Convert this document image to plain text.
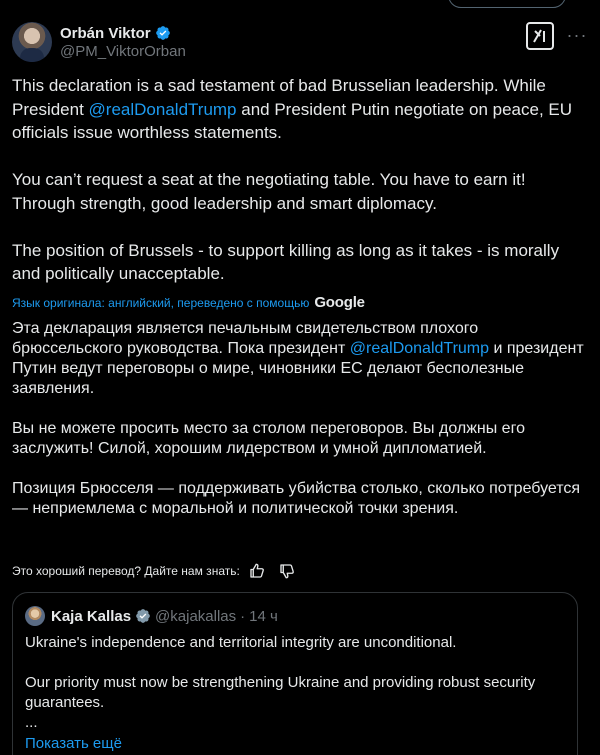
Orbán Viktor
@PM_ViktorOrban
···

This declaration is a sad testament of bad Brusselian leadership. While President @realDonaldTrump and President Putin negotiate on peace, EU officials issue worthless statements.

You can’t request a seat at the negotiating table. You have to earn it! Through strength, good leadership and smart diplomacy.

The position of Brussels - to support killing as long as it takes - is morally and politically unacceptable.

Язык оригинала: английский, переведено с помощью Google

Эта декларация является печальным свидетельством плохого брюссельского руководства. Пока президент @realDonaldTrump и президент Путин ведут переговоры о мире, чиновники ЕС делают бесполезные заявления.

Вы не можете просить место за столом переговоров. Вы должны его заслужить! Силой, хорошим лидерством и умной дипломатией.

Позиция Брюсселя — поддерживать убийства столько, сколько потребуется — неприемлема с моральной и политической точки зрения.

Это хороший перевод? Дайте нам знать:
Kaja Kallas @kajakallas · 14 ч

Ukraine's independence and territorial integrity are unconditional.

Our priority must now be strengthening Ukraine and providing robust security guarantees.

...
Показать ещё
